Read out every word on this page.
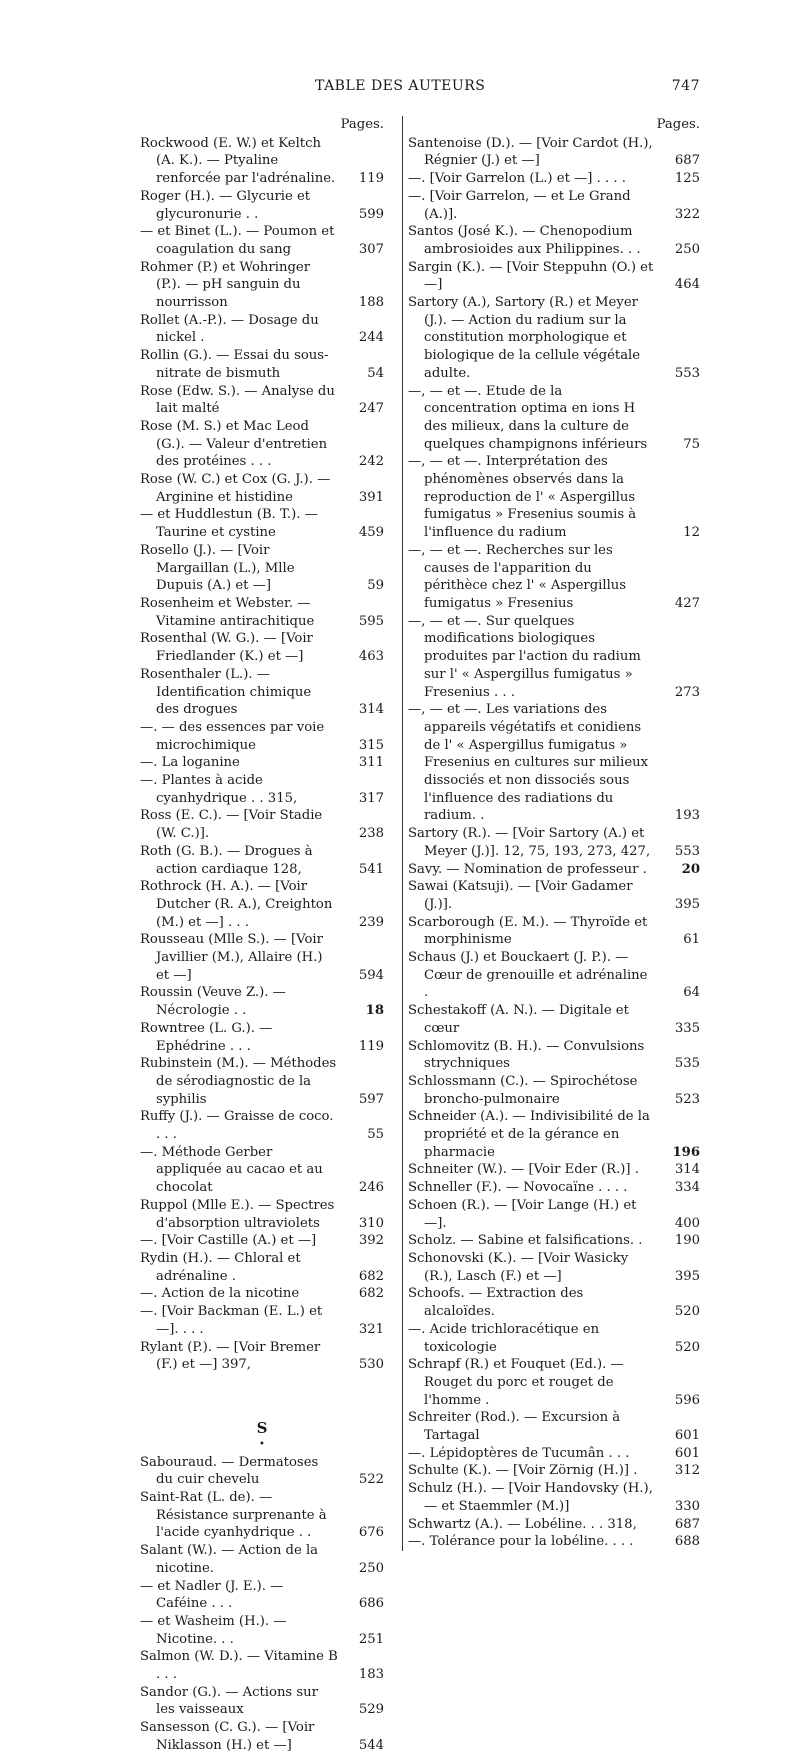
TABLE DES AUTEURS	747
Pages.
Rockwood (E. W.) et Keltch (A. K.). — Ptyaline renforcée par l'adrénaline. 119
Roger (H.). — Glycurie et glycuronurie . .	599
— et Binet (L.). — Poumon et coagulation du sang	307
Rohmer (P.) et Wohringer (P.). — pH sanguin du nourrisson	188
Rollet (A.-P.). — Dosage du nickel .	244
Rollin (G.). — Essai du sous-nitrate de bismuth	54
Rose (Edw. S.). — Analyse du lait malté	247
Rose (M. S.) et Mac Leod (G.). — Valeur d'entretien des protéines . . .	242
Rose (W. C.) et Cox (G. J.). — Arginine et histidine	391
— et Huddlestun (B. T.). — Taurine et cystine	459
Rosello (J.). — [Voir Margaillan (L.), Mlle Dupuis (A.) et —]	59
Rosenheim et Webster. — Vitamine antirachitique	595
Rosenthal (W. G.). — [Voir Friedlander (K.) et —]	463
Rosenthaler (L.). — Identification chimique des drogues	314
—. — des essences par voie microchimique	315
—. La loganine	311
—. Plantes à acide cyanhydrique . . 315,	317
Ross (E. C.). — [Voir Stadie (W. C.)].	238
Roth (G. B.). — Drogues à action cardiaque 128,	541
Rothrock (H. A.). — [Voir Dutcher (R. A.), Creighton (M.) et —] . . .	239
Rousseau (Mlle S.). — [Voir Javillier (M.), Allaire (H.) et —]	594
Roussin (Veuve Z.). — Nécrologie . .	18
Rowntree (L. G.). — Ephédrine . . .	119
Rubinstein (M.). — Méthodes de sérodiagnostic de la syphilis	597
Ruffy (J.). — Graisse de coco. . . .	55
—. Méthode Gerber appliquée au cacao et au chocolat	246
Ruppol (Mlle E.). — Spectres d'absorption ultraviolets	310
—. [Voir Castille (A.) et —]	392
Rydin (H.). — Chloral et adrénaline .	682
—. Action de la nicotine	682
—. [Voir Backman (E. L.) et —]. . . .	321
Rylant (P.). — [Voir Bremer (F.) et —] 397,	530
S
•
Sabouraud. — Dermatoses du cuir chevelu	522
Saint-Rat (L. de). — Résistance surprenante à l'acide cyanhydrique . .	676
Salant (W.). — Action de la nicotine.	250
— et Nadler (J. E.). — Caféine . . .	686
— et Washeim (H.). — Nicotine. . .	251
Salmon (W. D.). — Vitamine B . . .	183
Sandor (G.). — Actions sur les vaisseaux	529
Sansesson (C. G.). — [Voir Niklasson (H.) et —]	544
Pages.
Santenoise (D.). — [Voir Cardot (H.), Régnier (J.) et —]	687
—. [Voir Garrelon (L.) et —] . . . .	125
—. [Voir Garrelon, — et Le Grand (A.)].	322
Santos (José K.). — Chenopodium ambrosioides aux Philippines. . .	250
Sargin (K.). — [Voir Steppuhn (O.) et —]	464
Sartory (A.), Sartory (R.) et Meyer (J.). — Action du radium sur la constitution morphologique et biologique de la cellule végétale adulte.	553
—, — et —. Etude de la concentration optima en ions H des milieux, dans la culture de quelques champignons inférieurs	75
—, — et —. Interprétation des phénomènes observés dans la reproduction de l' « Aspergillus fumigatus » Fresenius soumis à l'influence du radium	12
—, — et —. Recherches sur les causes de l'apparition du périthèce chez l' « Aspergillus fumigatus » Fresenius	427
—, — et —. Sur quelques modifications biologiques produites par l'action du radium sur l' « Aspergillus fumigatus » Fresenius . . .	273
—, — et —. Les variations des appareils végétatifs et conidiens de l' « Aspergillus fumigatus » Fresenius en cultures sur milieux dissociés et non dissociés sous l'influence des radiations du radium. .	193
Sartory (R.). — [Voir Sartory (A.) et Meyer (J.)]. 12, 75, 193, 273, 427, 553
Savy. — Nomination de professeur .	20
Sawai (Katsuji). — [Voir Gadamer (J.)].	395
Scarborough (E. M.). — Thyroïde et morphinisme	61
Schaus (J.) et Bouckaert (J. P.). — Cœur de grenouille et adrénaline .	64
Schestakoff (A. N.). — Digitale et cœur	335
Schlomovitz (B. H.). — Convulsions strychniques	535
Schlossmann (C.). — Spirochétose broncho-pulmonaire	523
Schneider (A.). — Indivisibilité de la propriété et de la gérance en pharmacie	196
Schneiter (W.). — [Voir Eder (R.)] .	314
Schneller (F.). — Novocaïne . . . .	334
Schoen (R.). — [Voir Lange (H.) et —].	400
Scholz. — Sabine et falsifications. . 190
Schonovski (K.). — [Voir Wasicky (R.), Lasch (F.) et —]	395
Schoofs. — Extraction des alcaloïdes.	520
—. Acide trichloracétique en toxicologie	520
Schrapf (R.) et Fouquet (Ed.). — Rouget du porc et rouget de l'homme .	596
Schreiter (Rod.). — Excursion à Tartagal	601
—. Lépidoptères de Tucumân . . .	601
Schulte (K.). — [Voir Zörnig (H.)] .	312
Schulz (H.). — [Voir Handovsky (H.), — et Staemmler (M.)]	330
Schwartz (A.). — Lobéline. . . 318,	687
—. Tolérance pour la lobéline. . . .	688
